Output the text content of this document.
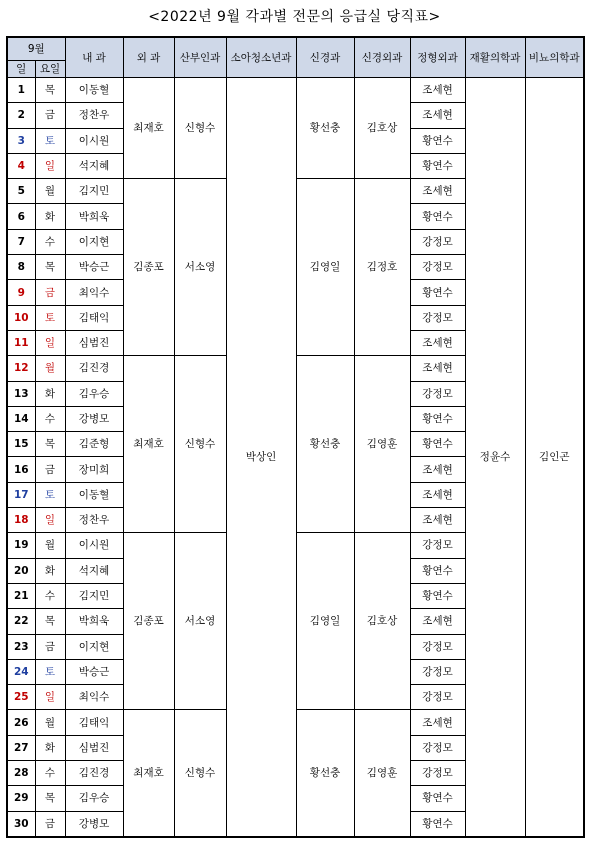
<2022년 9월 각과별 전문의 응급실 당직표>
9월		내 과	외 과	산부인과	소아청소년과	신경과	신경외과	정형외과	재활의학과	비뇨의학과
일	요일									
1	목	이동혈	최재호	신형수	박상인	황선충	김호상	조세현	정윤수	김인곤
2	금	정찬우						조세현		
3	토	이시원						황연수		
4	일	석지혜						황연수		
5	월	김지민	김종포	서소영		김영일	김정호	조세현		
6	화	박희욱						황연수		
7	수	이지현						강정모		
8	목	박승근						강정모		
9	금	최익수						황연수		
10	토	김태익						강정모		
11	일	심범진						조세현		
12	월	김진경	최재호	신형수		황선충	김영훈	조세현		
13	화	김우승						강정모		
14	수	강병모						황연수		
15	목	김준형						황연수		
16	금	장미희						조세현		
17	토	이동혈						조세현		
18	일	정찬우						조세현		
19	월	이시원	김종포	서소영		김영일	김호상	강정모		
20	화	석지혜						황연수		
21	수	김지민						황연수		
22	목	박희욱						조세현		
23	금	이지현						강정모		
24	토	박승근						강정모		
25	일	최익수						강정모		
26	월	김태익	최재호	신형수		황선충	김영훈	조세현		
27	화	심범진						강정모		
28	수	김진경						강정모		
29	목	김우승						황연수		
30	금	강병모						황연수		
